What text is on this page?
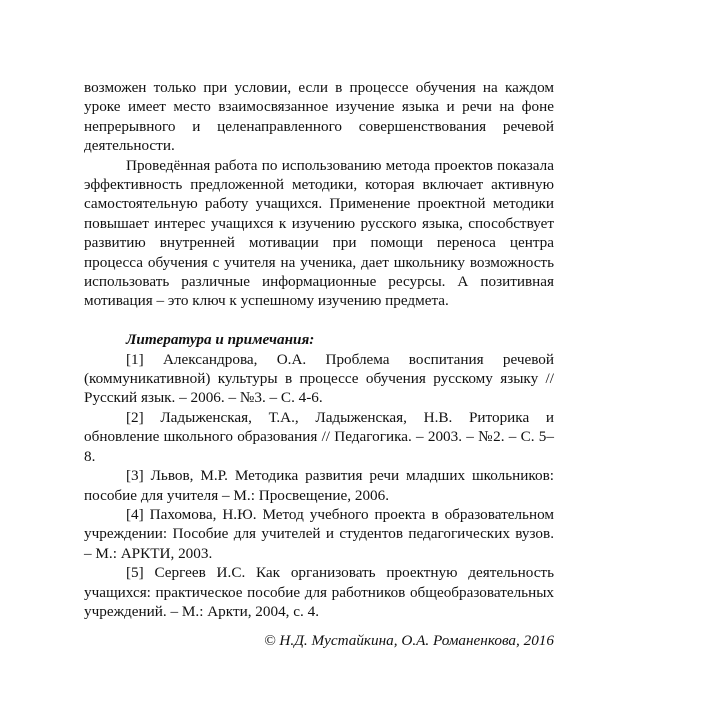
возможен только при условии, если в процессе обучения на каждом уроке имеет место взаимосвязанное изучение языка и речи на фоне непрерывного и целенаправленного совершенствования речевой деятельности.

Проведённая работа по использованию метода проектов показала эффективность предложенной методики, которая включает активную самостоятельную работу учащихся. Применение проектной методики повышает интерес учащихся к изучению русского языка, способствует развитию внутренней мотивации при помощи переноса центра процесса обучения с учителя на ученика, дает школьнику возможность использовать различные информационные ресурсы. А позитивная мотивация – это ключ к успешному изучению предмета.

Литература и примечания:

[1] Александрова, О.А. Проблема воспитания речевой (коммуникативной) культуры в процессе обучения русскому языку // Русский язык. – 2006. – №3. – С. 4-6.

[2] Ладыженская, Т.А., Ладыженская, Н.В. Риторика и обновление школьного образования // Педагогика. – 2003. – №2. – С. 5–8.

[3] Львов, М.Р. Методика развития речи младших школьников: пособие для учителя – М.: Просвещение, 2006.

[4] Пахомова, Н.Ю. Метод учебного проекта в образовательном учреждении: Пособие для учителей и студентов педагогических вузов. – М.: АРКТИ, 2003.

[5] Сергеев И.С. Как организовать проектную деятельность учащихся: практическое пособие для работников общеобразовательных учреждений. – М.: Аркти, 2004, с. 4.

© Н.Д. Мустайкина, О.А. Романенкова, 2016
